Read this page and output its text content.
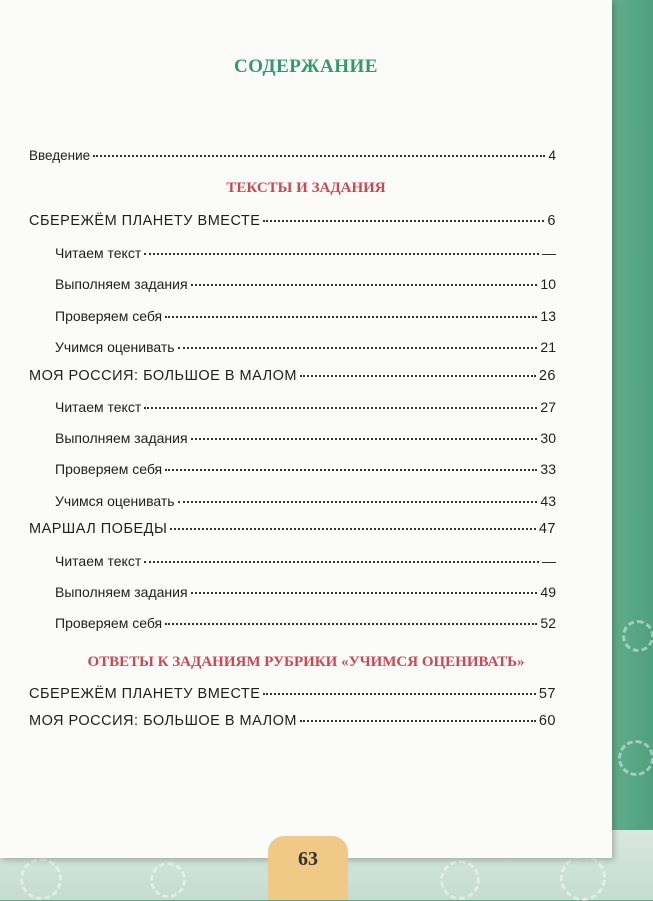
СОДЕРЖАНИЕ
Введение	4
ТЕКСТЫ И ЗАДАНИЯ
СБЕРЕЖЁМ ПЛАНЕТУ ВМЕСТЕ	6
Читаем текст	—
Выполняем задания	10
Проверяем себя	13
Учимся оценивать	21
МОЯ РОССИЯ: БОЛЬШОЕ В МАЛОМ	26
Читаем текст	27
Выполняем задания	30
Проверяем себя	33
Учимся оценивать	43
МАРШАЛ ПОБЕДЫ	47
Читаем текст	—
Выполняем задания	49
Проверяем себя	52
ОТВЕТЫ К ЗАДАНИЯМ РУБРИКИ «УЧИМСЯ ОЦЕНИВАТЬ»
СБЕРЕЖЁМ ПЛАНЕТУ ВМЕСТЕ	57
МОЯ РОССИЯ: БОЛЬШОЕ В МАЛОМ	60
63
